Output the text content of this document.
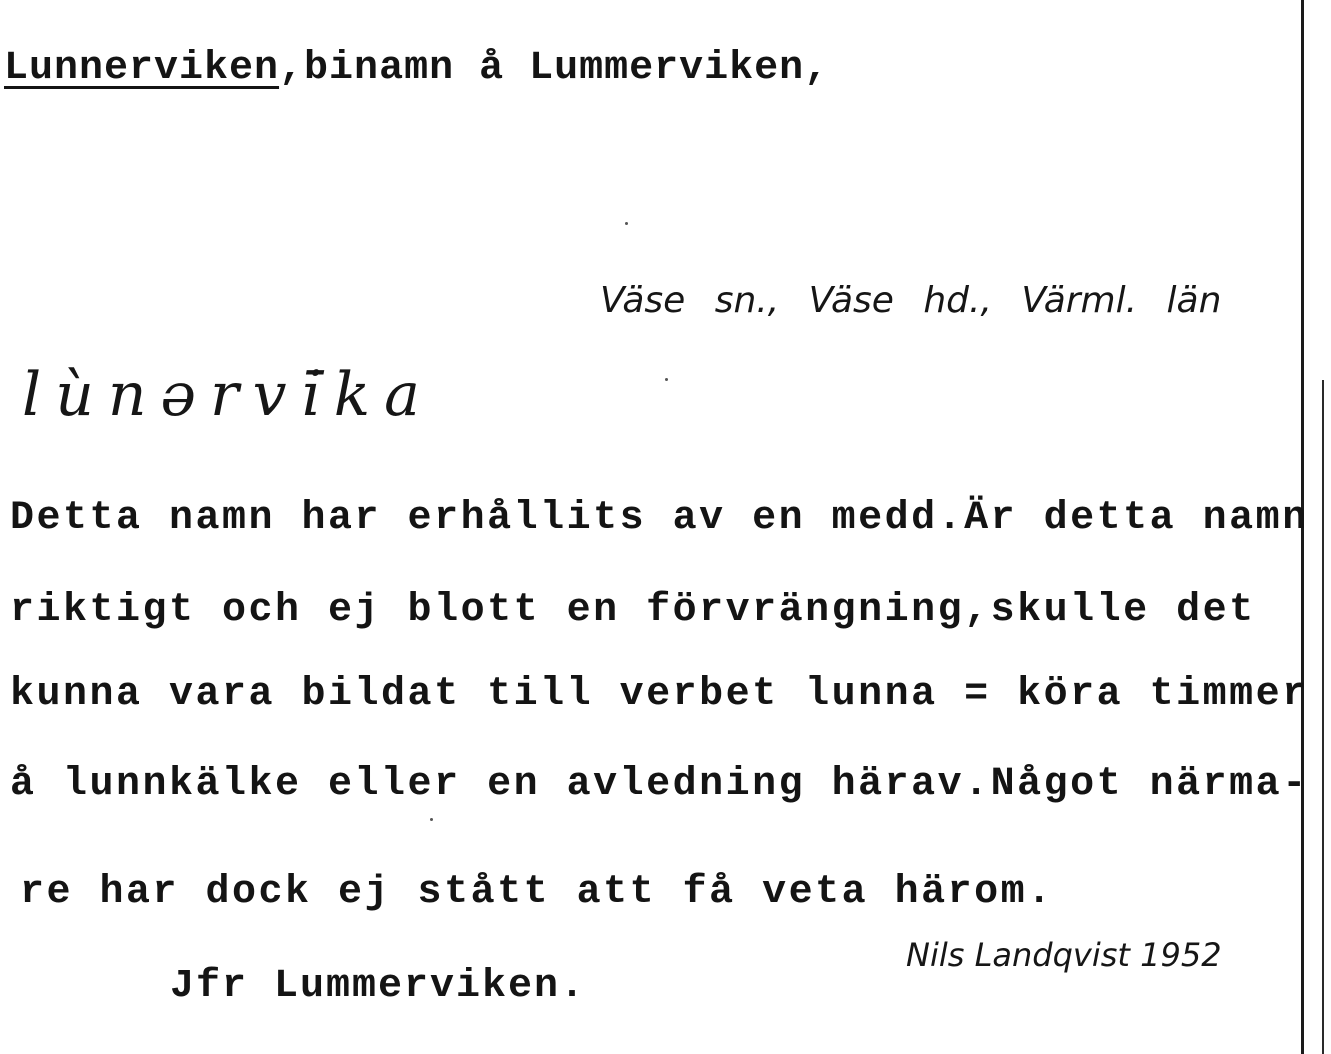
Lunnerviken,binamn å Lummerviken,
Väse sn., Väse hd., Värml. län
lùnərvi̇̄ka
Detta namn har erhållits av en medd.Är detta namn
riktigt och ej blott en förvrängning,skulle det
kunna vara bildat till verbet lunna = köra timmer
å lunnkälke eller en avledning härav.Något närma-
re har dock ej stått att få veta härom.
Nils Landqvist 1952
Jfr Lummerviken.
